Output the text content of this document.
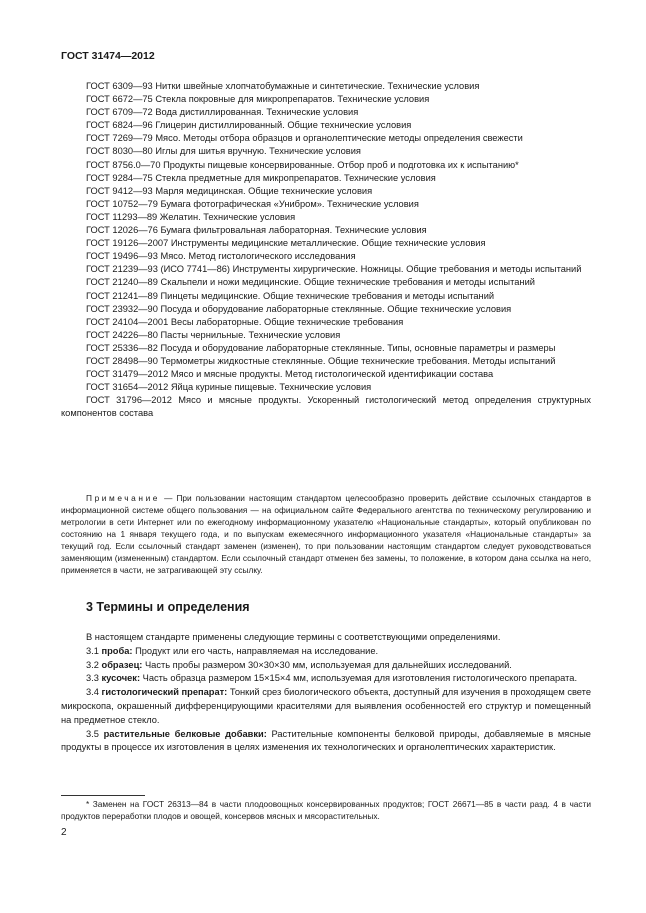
ГОСТ 31474—2012

ГОСТ 6309—93 Нитки швейные хлопчатобумажные и синтетические. Технические условия

ГОСТ 6672—75 Стекла покровные для микропрепаратов. Технические условия

ГОСТ 6709—72 Вода дистиллированная. Технические условия

ГОСТ 6824—96 Глицерин дистиллированный. Общие технические условия

ГОСТ 7269—79 Мясо. Методы отбора образцов и органолептические методы определения свежести

ГОСТ 8030—80 Иглы для шитья вручную. Технические условия

ГОСТ 8756.0—70 Продукты пищевые консервированные. Отбор проб и подготовка их к испытанию*

ГОСТ 9284—75 Стекла предметные для микропрепаратов. Технические условия

ГОСТ 9412—93 Марля медицинская. Общие технические условия

ГОСТ 10752—79 Бумага фотографическая «Унибром». Технические условия

ГОСТ 11293—89 Желатин. Технические условия

ГОСТ 12026—76 Бумага фильтровальная лабораторная. Технические условия

ГОСТ 19126—2007 Инструменты медицинские металлические. Общие технические условия

ГОСТ 19496—93 Мясо. Метод гистологического исследования

ГОСТ 21239—93 (ИСО 7741—86) Инструменты хирургические. Ножницы. Общие требования и методы испытаний

ГОСТ 21240—89 Скальпели и ножи медицинские. Общие технические требования и методы испытаний

ГОСТ 21241—89 Пинцеты медицинские. Общие технические требования и методы испытаний

ГОСТ 23932—90 Посуда и оборудование лабораторные стеклянные. Общие технические условия

ГОСТ 24104—2001 Весы лабораторные. Общие технические требования

ГОСТ 24226—80 Пасты чернильные. Технические условия

ГОСТ 25336—82 Посуда и оборудование лабораторные стеклянные. Типы, основные параметры и размеры

ГОСТ 28498—90 Термометры жидкостные стеклянные. Общие технические требования. Методы испытаний

ГОСТ 31479—2012 Мясо и мясные продукты. Метод гистологической идентификации состава

ГОСТ 31654—2012 Яйца куриные пищевые. Технические условия

ГОСТ 31796—2012 Мясо и мясные продукты. Ускоренный гистологический метод определения структурных компонентов состава

Примечание — При пользовании настоящим стандартом целесообразно проверить действие ссылочных стандартов в информационной системе общего пользования — на официальном сайте Федерального агентства по техническому регулированию и метрологии в сети Интернет или по ежегодному информационному указателю «Национальные стандарты», который опубликован по состоянию на 1 января текущего года, и по выпускам ежемесячного информационного указателя «Национальные стандарты» за текущий год. Если ссылочный стандарт заменен (изменен), то при пользовании настоящим стандартом следует руководствоваться заменяющим (измененным) стандартом. Если ссылочный стандарт отменен без замены, то положение, в котором дана ссылка на него, применяется в части, не затрагивающей эту ссылку.

3 Термины и определения

В настоящем стандарте применены следующие термины с соответствующими определениями.

3.1 проба: Продукт или его часть, направляемая на исследование.

3.2 образец: Часть пробы размером 30×30×30 мм, используемая для дальнейших исследований.

3.3 кусочек: Часть образца размером 15×15×4 мм, используемая для изготовления гистологического препарата.

3.4 гистологический препарат: Тонкий срез биологического объекта, доступный для изучения в проходящем свете микроскопа, окрашенный дифференцирующими красителями для выявления особенностей его структур и помещенный на предметное стекло.

3.5 растительные белковые добавки: Растительные компоненты белковой природы, добавляемые в мясные продукты в процессе их изготовления в целях изменения их технологических и органолептических характеристик.

* Заменен на ГОСТ 26313—84 в части плодоовощных консервированных продуктов; ГОСТ 26671—85 в части разд. 4 в части продуктов переработки плодов и овощей, консервов мясных и мясорастительных.

2
